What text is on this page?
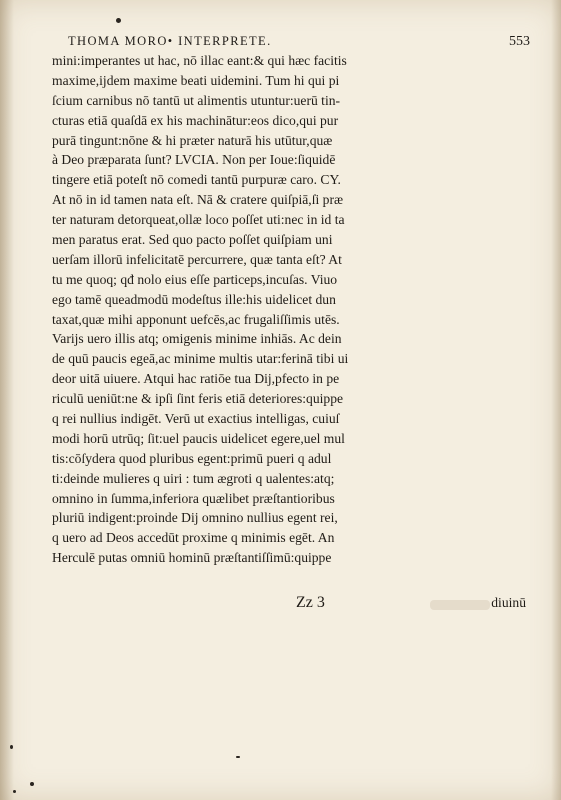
THOMA MORO• INTERPRETE.	553
mini:imperantes ut hac, nō illac eant:& qui hæc facitis
maxime,ĳdem maxime beati uidemini. Tum hi qui pi
ſcium carnibus nō tantū ut alimentis utuntur:uerū tin-
cturas etiā quaſdā ex his machinātur:eos dico,qui pur
purā tingunt:nōne & hi præter naturā his utūtur,quæ
à Deo præparata ſunt? LVCIA. Non per Ioue:ſiquidē
tingere etiā poteſt nō comedi tantū purpuræ caro. CY.
At nō in id tamen nata eſt. Nā & cratere quiſpiā,ſi præ
ter naturam detorqueat,ollæ loco poſſet uti:nec in id ta
men paratus erat. Sed quo pacto poſſet quiſpiam uni
uerſam illorū infelicitatē percurrere, quæ tanta eſt? At
tu me quoq; qđ nolo eius eſſe particeps,incuſas. Viuo
ego tamē queadmodū modeſtus ille:his uidelicet dun
taxat,quæ mihi apponunt uefcēs,ac frugaliſſimis utēs.
Varĳs uero illis atq; omigenis minime inhiās. Ac dein
de quū paucis egeā,ac minime multis utar:ferinā tibi ui
deor uitā uiuere. Atqui hac ratiōe tua Dĳ,pfecto in pe
riculū ueniūt:ne & ipſi ſint feris etiā deteriores:quippe
q rei nullius indigēt. Verū ut exactius intelligas, cuiuſ
modi horū utrūq; ſit:uel paucis uidelicet egere,uel mul
tis:cōſydera quod pluribus egent:primū pueri q adul
ti:deinde mulieres q uiri : tum ægroti q ualentes:atq;
omnino in ſumma,inferiora quælibet præſtantioribus
pluriū indigent:proinde Dĳ omnino nullius egent rei,
q uero ad Deos accedūt proxime q minimis egēt. An
Herculē putas omniū hominū præſtantiſſimū:quippe
Zz 3	diuinū
